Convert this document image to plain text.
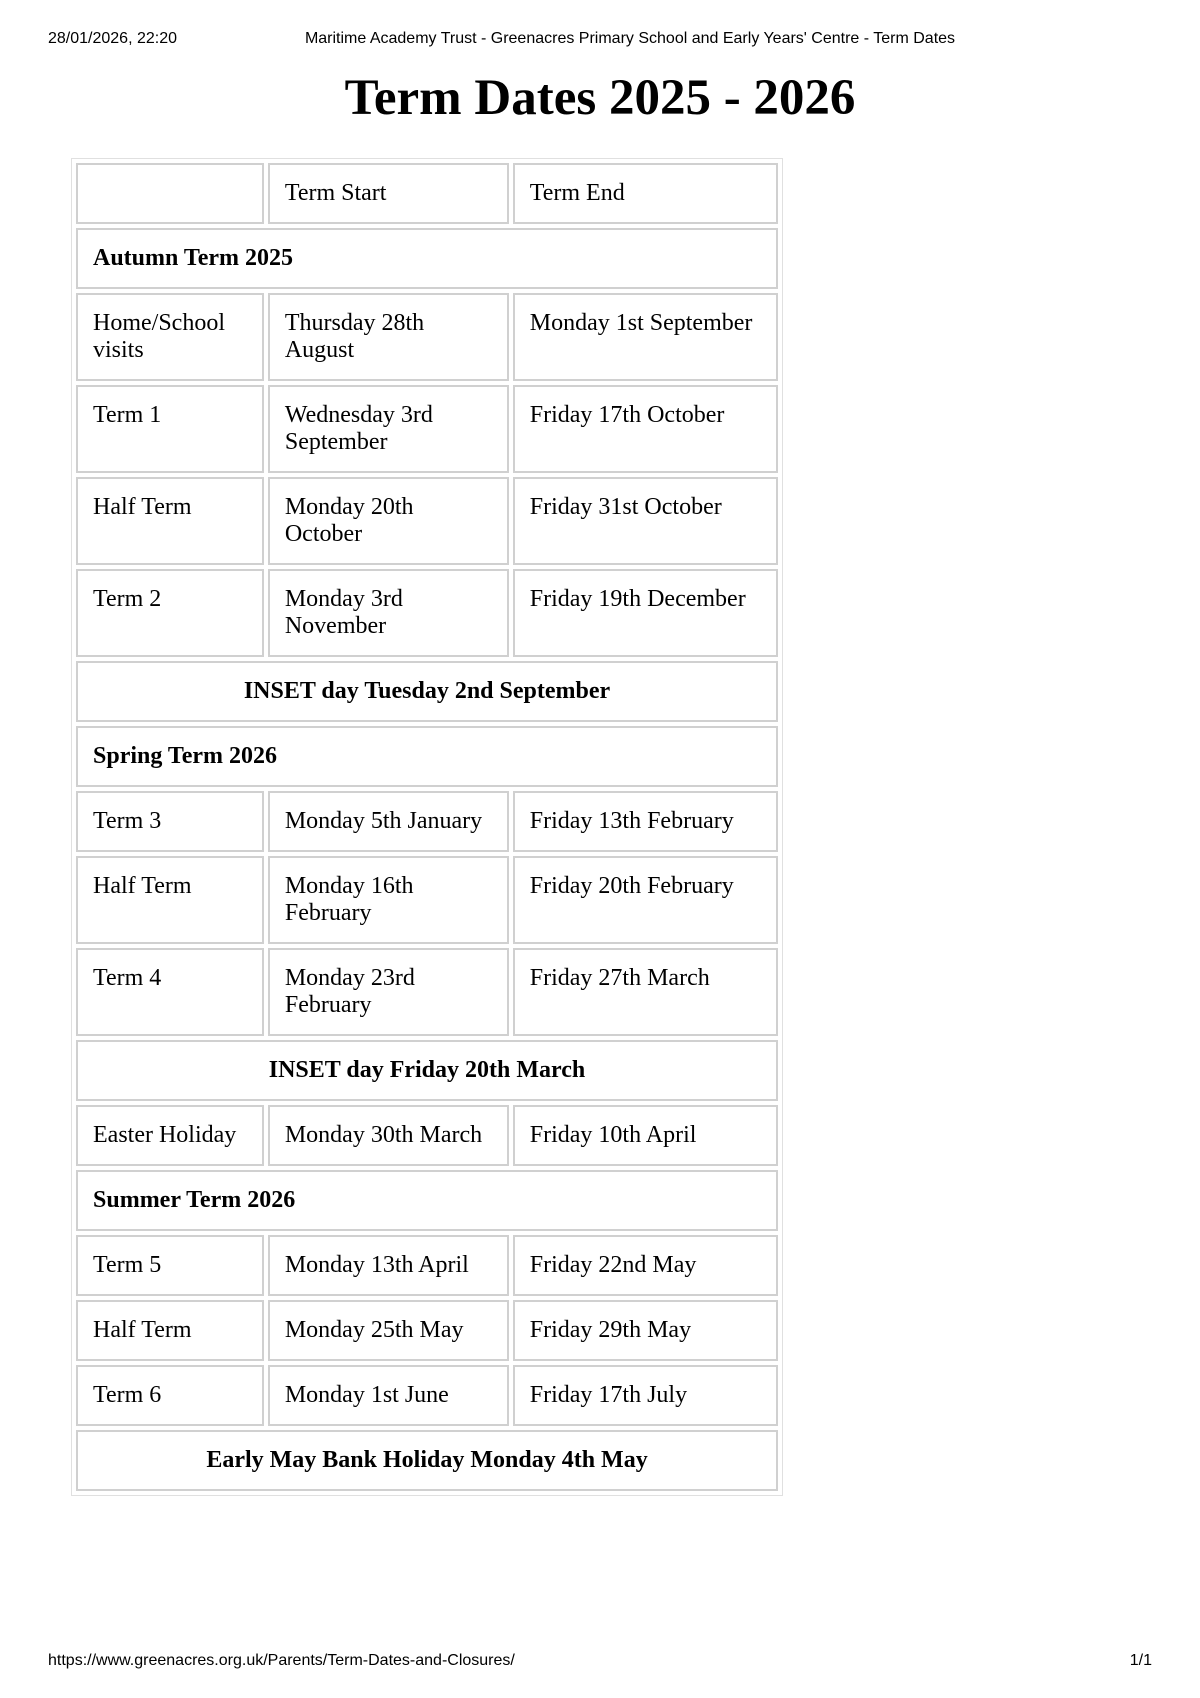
28/01/2026, 22:20	Maritime Academy Trust - Greenacres Primary School and Early Years' Centre - Term Dates
Term Dates 2025 - 2026
	Term Start	Term End
Autumn Term 2025		
Home/School visits	Thursday 28th August	Monday 1st September
Term 1	Wednesday 3rd September	Friday 17th October
Half Term	Monday 20th October	Friday 31st October
Term 2	Monday 3rd November	Friday 19th December
INSET day Tuesday 2nd September		
Spring Term 2026		
Term 3	Monday 5th January	Friday 13th February
Half Term	Monday 16th February	Friday 20th February
Term 4	Monday 23rd February	Friday 27th March
INSET day Friday 20th March		
Easter Holiday	Monday 30th March	Friday 10th April
Summer Term 2026		
Term 5	Monday 13th April	Friday 22nd May
Half Term	Monday 25th May	Friday 29th May
Term 6	Monday 1st June	Friday 17th July
Early May Bank Holiday Monday 4th May		
https://www.greenacres.org.uk/Parents/Term-Dates-and-Closures/	1/1
